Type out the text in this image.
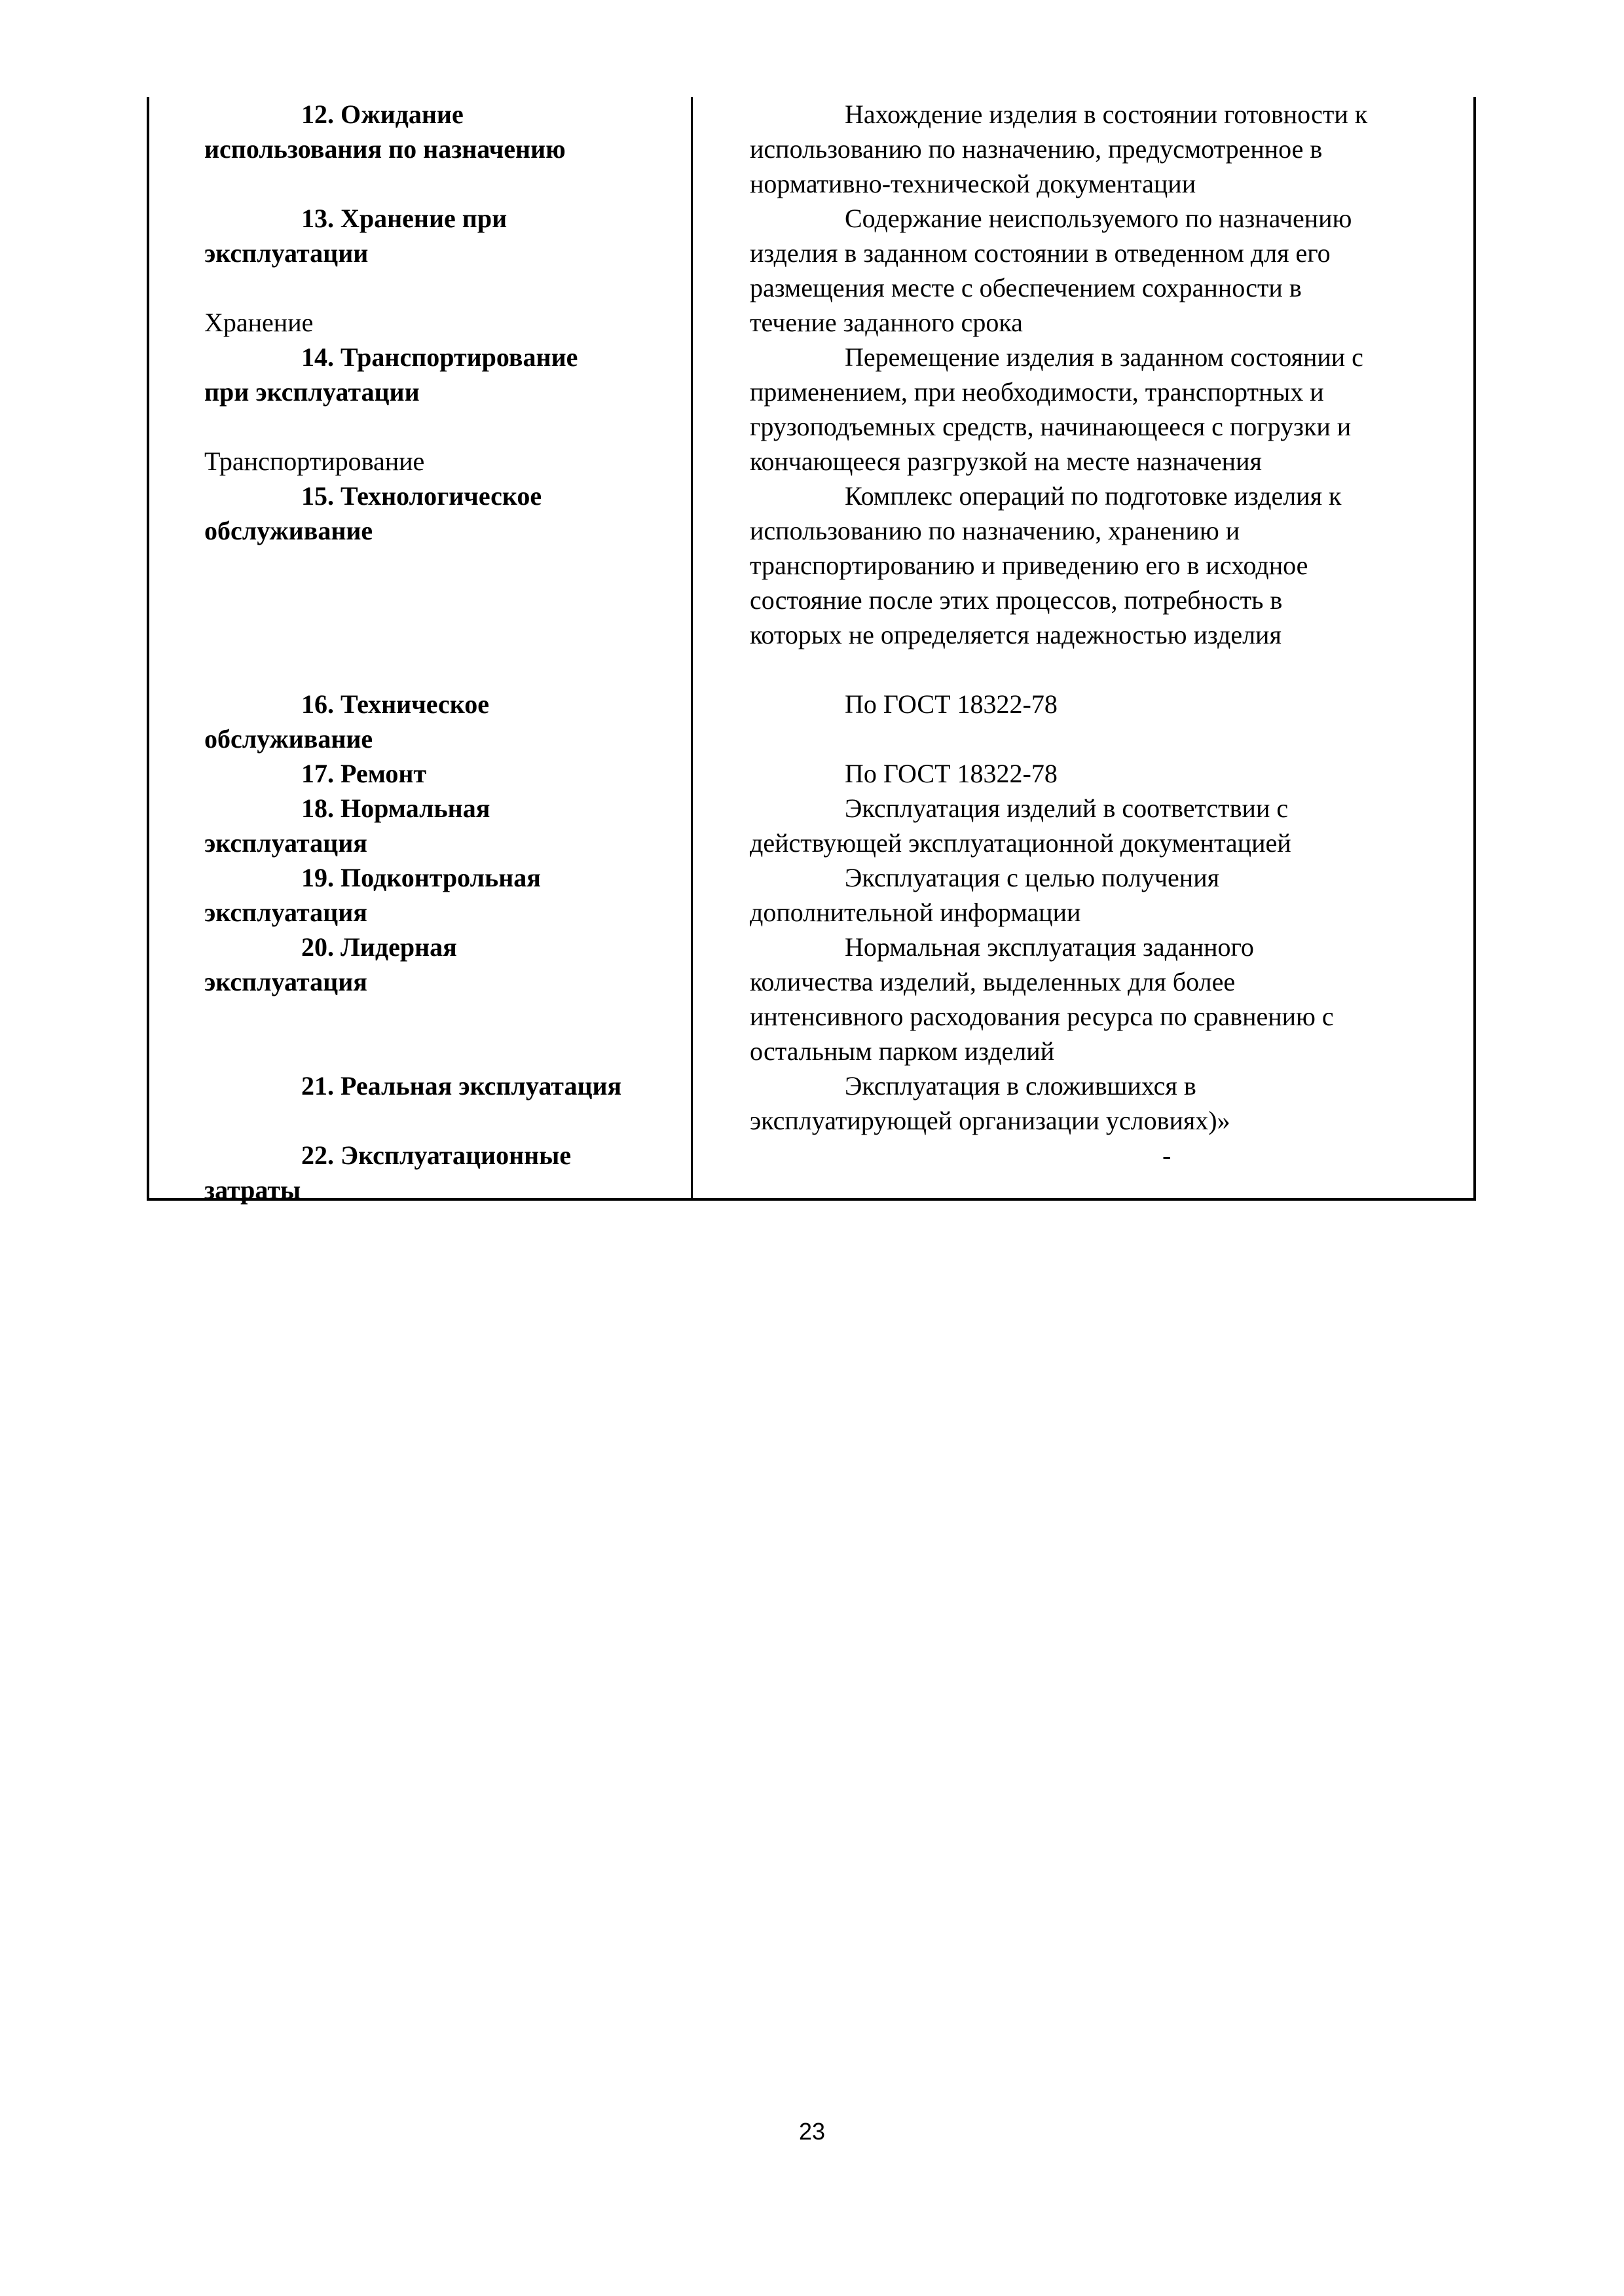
12. Ожидание
использования по назначению
13. Хранение при
эксплуатации
Хранение
14. Транспортирование
при эксплуатации
Транспортирование
15. Технологическое
обслуживание
16. Техническое
обслуживание
17. Ремонт
18. Нормальная
эксплуатация
19. Подконтрольная
эксплуатация
20. Лидерная
эксплуатация
21. Реальная эксплуатация
22. Эксплуатационные
затраты
Нахождение изделия в состоянии готовности к
использованию по назначению, предусмотренное в
нормативно-технической документации
Содержание неиспользуемого по назначению
изделия в заданном состоянии в отведенном для его
размещения месте с обеспечением сохранности в
течение заданного срока
Перемещение изделия в заданном состоянии с
применением, при необходимости, транспортных и
грузоподъемных средств, начинающееся с погрузки и
кончающееся разгрузкой на месте назначения
Комплекс операций по подготовке изделия к
использованию по назначению, хранению и
транспортированию и приведению его в исходное
состояние после этих процессов, потребность в
которых не определяется надежностью изделия
По ГОСТ 18322-78
По ГОСТ 18322-78
Эксплуатация изделий в соответствии с
действующей эксплуатационной документацией
Эксплуатация с целью получения
дополнительной информации
Нормальная эксплуатация заданного
количества изделий, выделенных для более
интенсивного расходования ресурса по сравнению с
остальным парком изделий
Эксплуатация в сложившихся в
эксплуатирующей организации условиях)»
-
23
